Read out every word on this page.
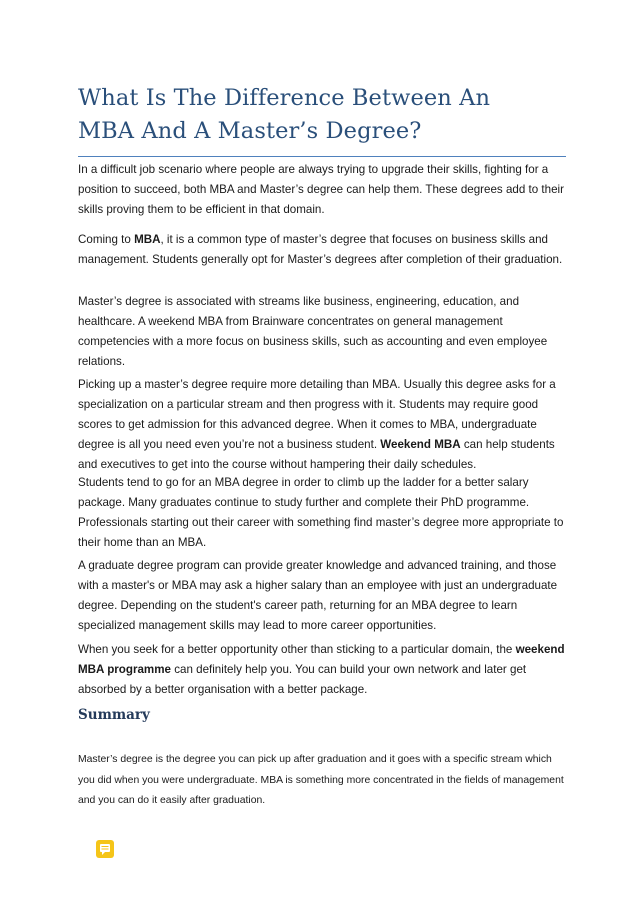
What Is The Difference Between An
MBA And A Master’s Degree?

In a difficult job scenario where people are always trying to upgrade their skills, fighting for a position to succeed, both MBA and Master’s degree can help them. These degrees add to their skills proving them to be efficient in that domain.

Coming to MBA, it is a common type of master’s degree that focuses on business skills and management. Students generally opt for Master’s degrees after completion of their graduation.

Master’s degree is associated with streams like business, engineering, education, and healthcare. A weekend MBA from Brainware concentrates on general management competencies with a more focus on business skills, such as accounting and even employee relations.

Picking up a master’s degree require more detailing than MBA. Usually this degree asks for a specialization on a particular stream and then progress with it. Students may require good scores to get admission for this advanced degree. When it comes to MBA, undergraduate degree is all you need even you’re not a business student. Weekend MBA can help students and executives to get into the course without hampering their daily schedules.

Students tend to go for an MBA degree in order to climb up the ladder for a better salary package. Many graduates continue to study further and complete their PhD programme. Professionals starting out their career with something find master’s degree more appropriate to their home than an MBA.

A graduate degree program can provide greater knowledge and advanced training, and those with a master's or MBA may ask a higher salary than an employee with just an undergraduate degree. Depending on the student's career path, returning for an MBA degree to learn specialized management skills may lead to more career opportunities.

When you seek for a better opportunity other than sticking to a particular domain, the weekend MBA programme can definitely help you. You can build your own network and later get absorbed by a better organisation with a better package.

Summary

Master’s degree is the degree you can pick up after graduation and it goes with a specific stream which you did when you were undergraduate. MBA is something more concentrated in the fields of management and you can do it easily after graduation.
